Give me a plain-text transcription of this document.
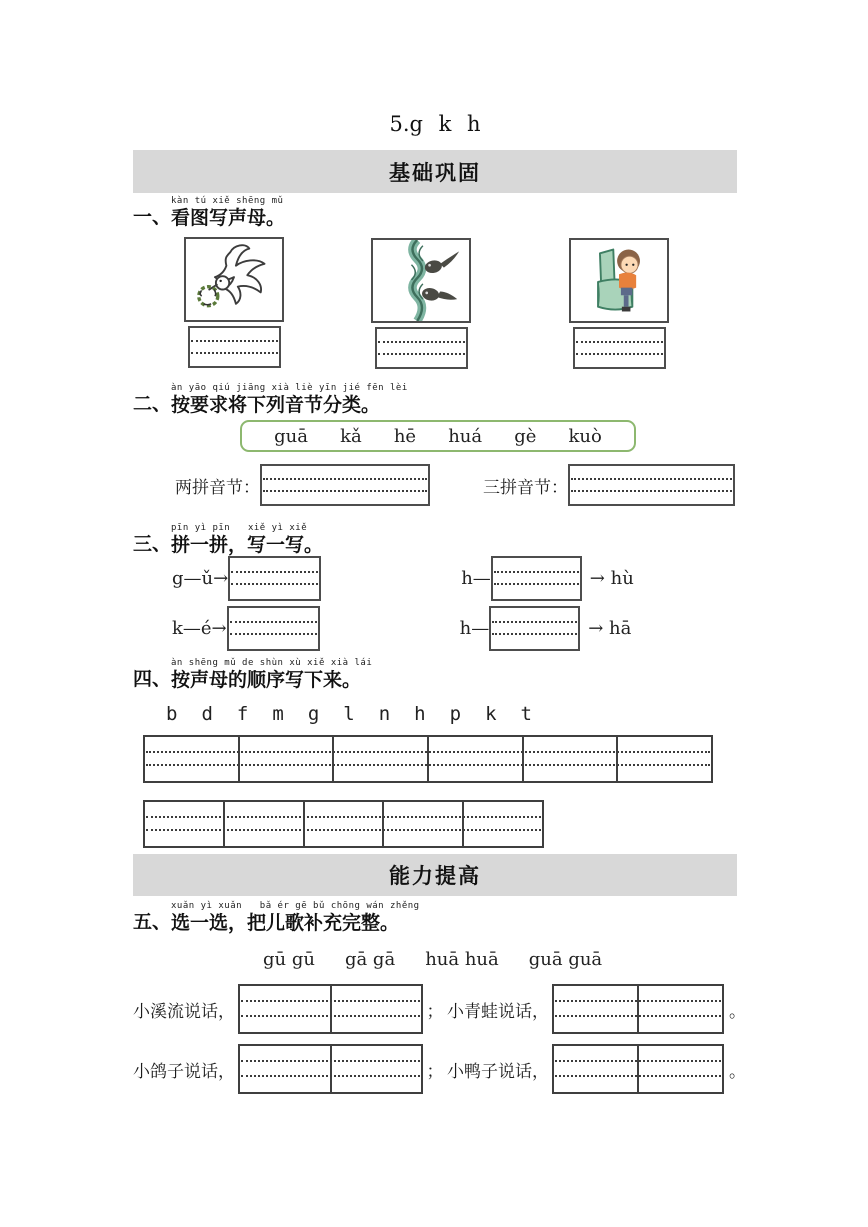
5.g k h
基础巩固
一、
kàn tú xiě shēng mǔ
看图写声母。
二、
àn yāo qiú jiāng xià liè yīn jié fēn lèi
按要求将下列音节分类。
guā kǎ hē huá gè kuò
两拼音节：	三拼音节：
三、
pīn yì pīn   xiě yì xiě
拼一拼，写一写。
g—ǔ→	h—	→ hù
k—é→	h—	→ hā
四、
àn shēng mǔ de shùn xù xiě xià lái
按声母的顺序写下来。
b d f m g l n h p k t
能力提高
五、
xuǎn yì xuǎn   bǎ ér gē bǔ chōng wán zhěng
选一选，把儿歌补充完整。
gū gū gā gā huā huā guā guā
小溪流说话，	； 小青蛙说话，	。
小鸽子说话，	； 小鸭子说话，	。
